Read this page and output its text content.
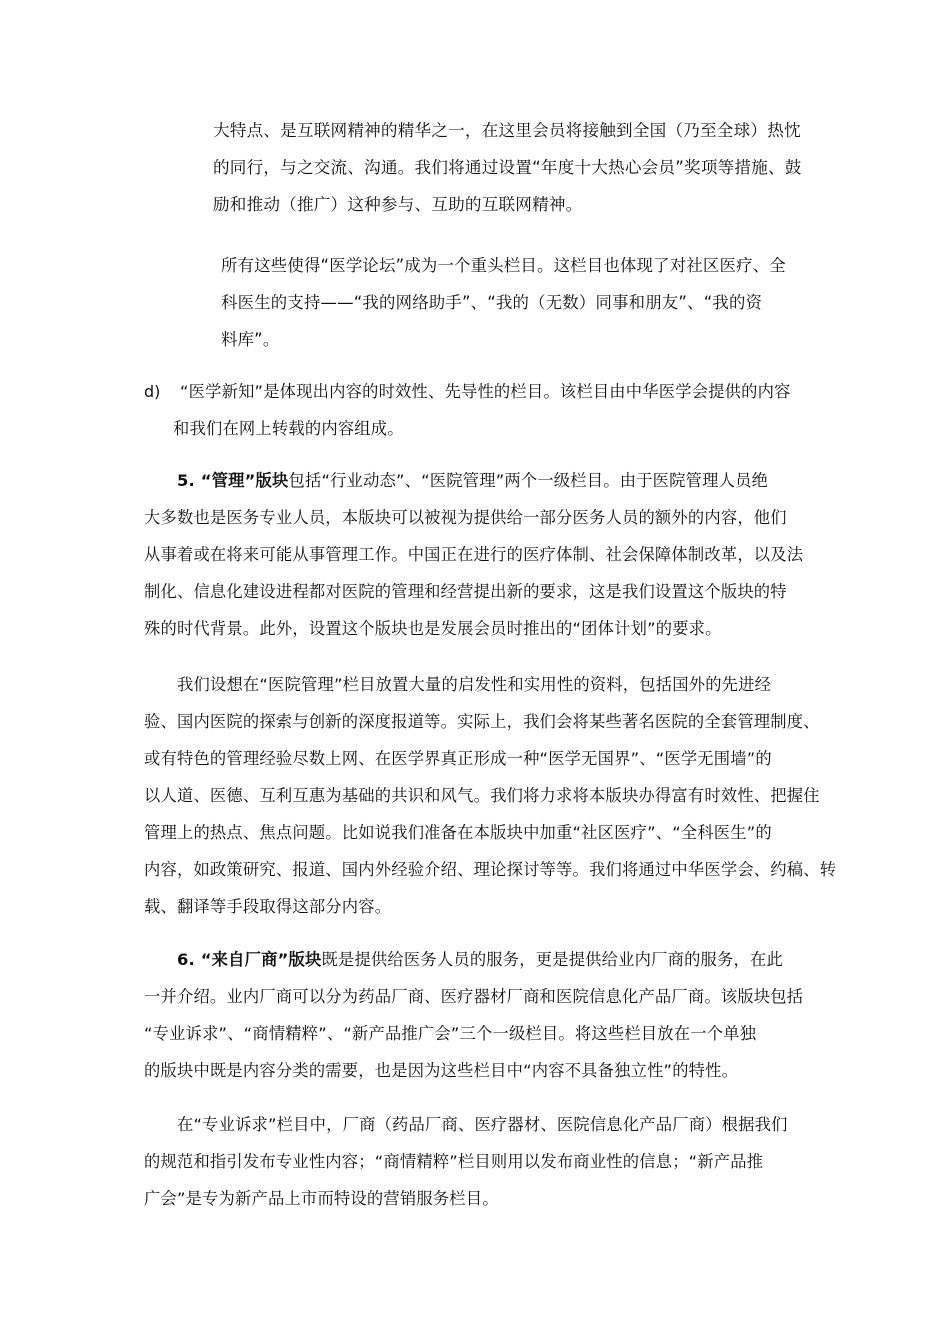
大特点、是互联网精神的精华之一，在这里会员将接触到全国（乃至全球）热忱
的同行，与之交流、沟通。我们将通过设置“年度十大热心会员”奖项等措施、鼓
励和推动（推广）这种参与、互助的互联网精神。
所有这些使得“医学论坛”成为一个重头栏目。这栏目也体现了对社区医疗、全
科医生的支持——“我的网络助手”、“我的（无数）同事和朋友”、“我的资
料库”。
d) “医学新知”是体现出内容的时效性、先导性的栏目。该栏目由中华医学会提供的内容
和我们在网上转载的内容组成。
5. “管理”版块包括“行业动态”、“医院管理”两个一级栏目。由于医院管理人员绝
大多数也是医务专业人员，本版块可以被视为提供给一部分医务人员的额外的内容，他们
从事着或在将来可能从事管理工作。中国正在进行的医疗体制、社会保障体制改革，以及法
制化、信息化建设进程都对医院的管理和经营提出新的要求，这是我们设置这个版块的特
殊的时代背景。此外，设置这个版块也是发展会员时推出的“团体计划”的要求。
我们设想在“医院管理”栏目放置大量的启发性和实用性的资料，包括国外的先进经
验、国内医院的探索与创新的深度报道等。实际上，我们会将某些著名医院的全套管理制度、
或有特色的管理经验尽数上网、在医学界真正形成一种“医学无国界”、“医学无围墙”的
以人道、医德、互利互惠为基础的共识和风气。我们将力求将本版块办得富有时效性、把握住
管理上的热点、焦点问题。比如说我们准备在本版块中加重“社区医疗”、“全科医生”的
内容，如政策研究、报道、国内外经验介绍、理论探讨等等。我们将通过中华医学会、约稿、转
载、翻译等手段取得这部分内容。
6. “来自厂商”版块既是提供给医务人员的服务，更是提供给业内厂商的服务，在此
一并介绍。业内厂商可以分为药品厂商、医疗器材厂商和医院信息化产品厂商。该版块包括
“专业诉求”、“商情精粹”、“新产品推广会”三个一级栏目。将这些栏目放在一个单独
的版块中既是内容分类的需要，也是因为这些栏目中“内容不具备独立性”的特性。
在“专业诉求”栏目中，厂商（药品厂商、医疗器材、医院信息化产品厂商）根据我们
的规范和指引发布专业性内容；“商情精粹”栏目则用以发布商业性的信息；“新产品推
广会”是专为新产品上市而特设的营销服务栏目。
